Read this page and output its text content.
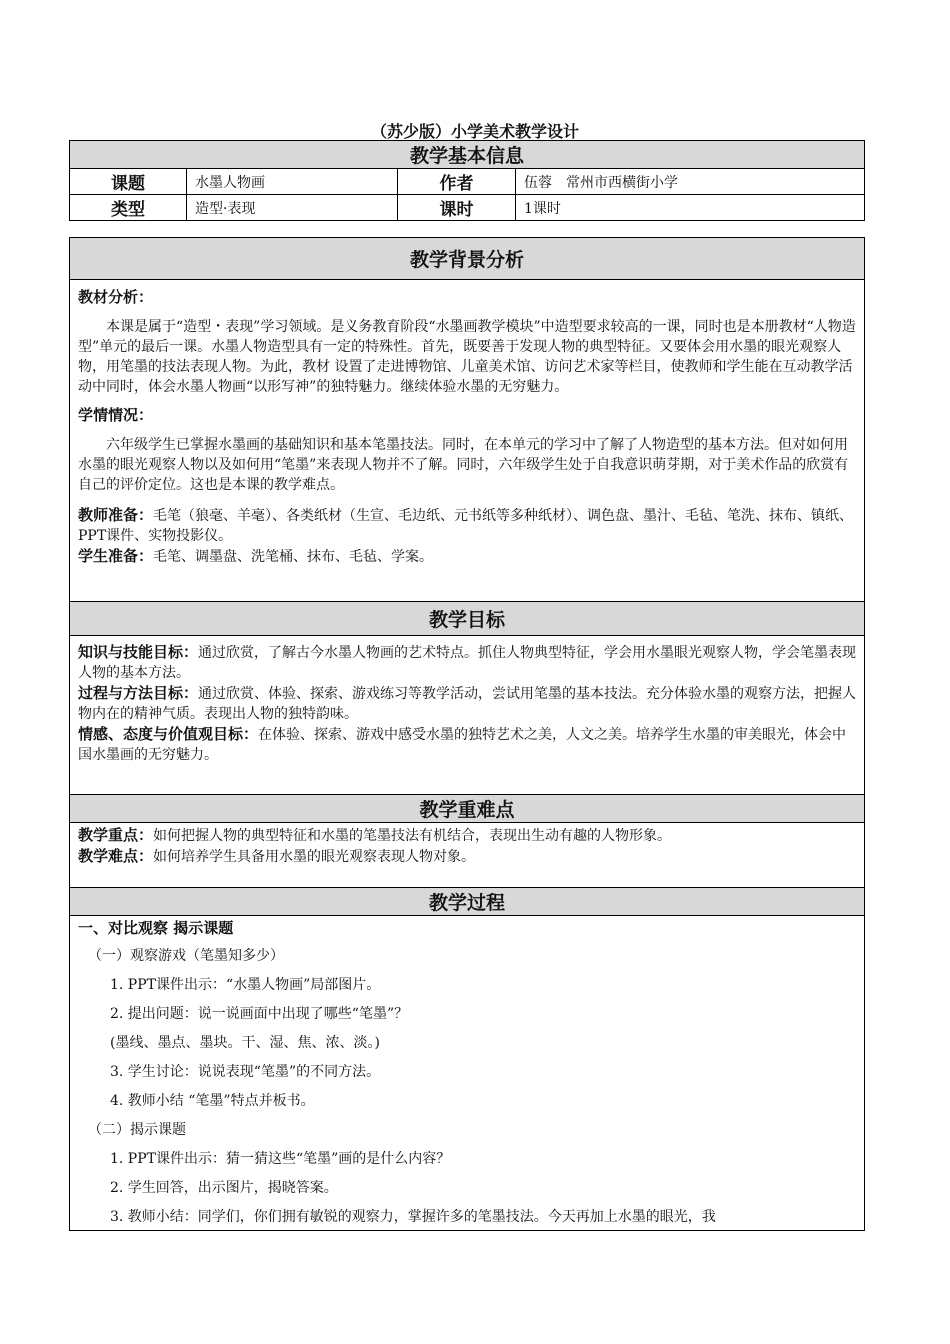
（苏少版）小学美术教学设计
教学基本信息			
课题	水墨人物画	作者	伍蓉　常州市西横街小学
类型	造型·表现	课时	1课时
教学背景分析

教材分析：

本课是属于“造型・表现”学习领域。是义务教育阶段“水墨画教学模块”中造型要求较高的一课，同时也是本册教材“人物造型”单元的最后一课。水墨人物造型具有一定的特殊性。首先，既要善于发现人物的典型特征。又要体会用水墨的眼光观察人物，用笔墨的技法表现人物。为此，教材 设置了走进博物馆、儿童美术馆、访问艺术家等栏目，使教师和学生能在互动教学活动中同时，体会水墨人物画“以形写神”的独特魅力。继续体验水墨的无穷魅力。

学情情况：

六年级学生已掌握水墨画的基础知识和基本笔墨技法。同时，在本单元的学习中了解了人物造型的基本方法。但对如何用水墨的眼光观察人物以及如何用“笔墨”来表现人物并不了解。同时，六年级学生处于自我意识萌芽期，对于美术作品的欣赏有自己的评价定位。这也是本课的教学难点。

教师准备：毛笔（狼毫、羊毫）、各类纸材（生宣、毛边纸、元书纸等多种纸材）、调色盘、墨汁、毛毡、笔洗、抹布、镇纸、PPT课件、实物投影仪。

学生准备：毛笔、调墨盘、洗笔桶、抹布、毛毡、学案。

教学目标

知识与技能目标：通过欣赏，了解古今水墨人物画的艺术特点。抓住人物典型特征，学会用水墨眼光观察人物，学会笔墨表现人物的基本方法。

过程与方法目标：通过欣赏、体验、探索、游戏练习等教学活动，尝试用笔墨的基本技法。充分体验水墨的观察方法，把握人物内在的精神气质。表现出人物的独特韵味。

情感、态度与价值观目标：在体验、探索、游戏中感受水墨的独特艺术之美，人文之美。培养学生水墨的审美眼光，体会中国水墨画的无穷魅力。

教学重难点

教学重点：如何把握人物的典型特征和水墨的笔墨技法有机结合，表现出生动有趣的人物形象。

教学难点：如何培养学生具备用水墨的眼光观察表现人物对象。

教学过程

一、对比观察 揭示课题

（一）观察游戏（笔墨知多少）

1. PPT课件出示：“水墨人物画”局部图片。

2. 提出问题：说一说画面中出现了哪些“笔墨”？

(墨线、墨点、墨块。干、湿、焦、浓、淡。)

3. 学生讨论：说说表现“笔墨”的不同方法。

4. 教师小结 “笔墨”特点并板书。

（二）揭示课题

1. PPT课件出示：猜一猜这些“笔墨”画的是什么内容？

2. 学生回答，出示图片，揭晓答案。

3. 教师小结：同学们，你们拥有敏锐的观察力，掌握许多的笔墨技法。今天再加上水墨的眼光，我
